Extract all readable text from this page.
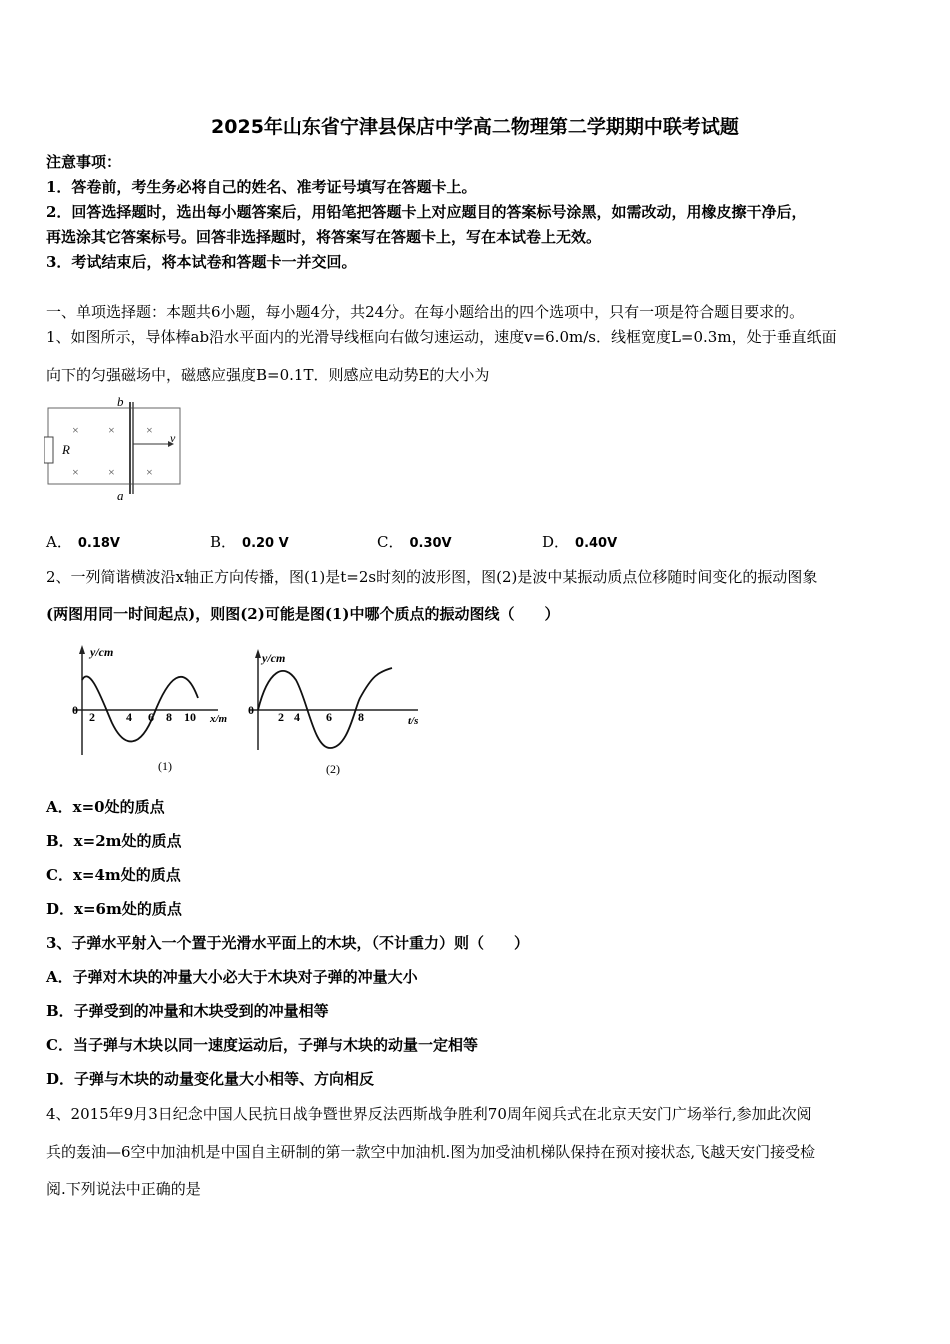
2025年山东省宁津县保店中学高二物理第二学期期中联考试题
注意事项：
1．答卷前，考生务必将自己的姓名、准考证号填写在答题卡上。
2．回答选择题时，选出每小题答案后，用铅笔把答题卡上对应题目的答案标号涂黑，如需改动，用橡皮擦干净后，
再选涂其它答案标号。回答非选择题时，将答案写在答题卡上，写在本试卷上无效。
3．考试结束后，将本试卷和答题卡一并交回。
一、单项选择题：本题共6小题，每小题4分，共24分。在每小题给出的四个选项中，只有一项是符合题目要求的。
1、如图所示，导体棒ab沿水平面内的光滑导线框向右做匀速运动，速度v=6.0m/s．线框宽度L=0.3m，处于垂直纸面
向下的匀强磁场中，磁感应强度B=0.1T．则感应电动势E的大小为
b
a
R
v
× ×	×
× ×	×
A． 0.18V	B． 0.20 V	C． 0.30V	D． 0.40V
2、一列简谐横波沿x轴正方向传播，图(1)是t=2s时刻的波形图，图(2)是波中某振动质点位移随时间变化的振动图象
(两图用同一时间起点)，则图(2)可能是图(1)中哪个质点的振动图线（　　）
y/cm
0 2	4 6 8 10 x/m
(1)
y/cm
0 2 4 6 8	t/s
(2)
A．x=0处的质点
B．x=2m处的质点
C．x=4m处的质点
D．x=6m处的质点
3、子弹水平射入一个置于光滑水平面上的木块，（不计重力）则（　　）
A．子弹对木块的冲量大小必大于木块对子弹的冲量大小
B．子弹受到的冲量和木块受到的冲量相等
C．当子弹与木块以同一速度运动后，子弹与木块的动量一定相等
D．子弹与木块的动量变化量大小相等、方向相反
4、2015年9月3日纪念中国人民抗日战争暨世界反法西斯战争胜利70周年阅兵式在北京天安门广场举行,参加此次阅
兵的轰油—6空中加油机是中国自主研制的第一款空中加油机.图为加受油机梯队保持在预对接状态,飞越天安门接受检
阅.下列说法中正确的是
